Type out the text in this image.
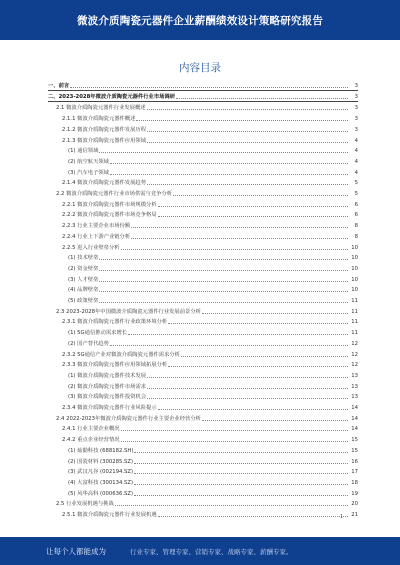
微波介质陶瓷元器件企业薪酬绩效设计策略研究报告
内容目录
一、前言	3
二、2023-2028年微波介质陶瓷元器件行业市场调研	3
2.1 微波介质陶瓷元器件行业发展概述	3
2.1.1 微波介质陶瓷元器件概述	3
2.1.2 微波介质陶瓷元器件发展历程	3
2.1.3 微波介质陶瓷元器件应用领域	4
(1) 通信领域	4
(2) 航空航天领域	4
(3) 汽车电子领域	4
2.1.4 微波介质陶瓷元器件发展趋势	5
2.2 微波介质陶瓷元器件行业市场供需与竞争分析	5
2.2.1 微波介质陶瓷元器件市场规模分析	6
2.2.2 微波介质陶瓷元器件市场竞争格局	6
2.2.3 行业主要企业市场份额	8
2.2.4 行业上下游产业链分析	8
2.2.5 进入行业壁垒分析	10
(1) 技术壁垒	10
(2) 资金壁垒	10
(3) 人才壁垒	10
(4) 品牌壁垒	10
(5) 政策壁垒	11
2.3 2023-2028年中国微波介质陶瓷元器件行业发展前景分析	11
2.3.1 微波介质陶瓷元器件行业政策环境分析	11
(1) 5G通信推动需求增长	11
(2) 国产替代趋势	12
2.3.2 5G通信产业对微波介质陶瓷元器件需求分析	12
2.3.3 微波介质陶瓷元器件应用领域拓展分析	12
(1) 微波介质陶瓷元器件技术发展	13
(2) 微波介质陶瓷元器件市场需求	13
(3) 微波介质陶瓷元器件投资机会	13
2.3.4 微波介质陶瓷元器件行业风险提示	14
2.4 2022-2023年微波介质陶瓷元器件行业主要企业经营分析	14
2.4.1 行业主要企业概况	14
2.4.2 重点企业经营情况	15
(1) 灿勤科技 (688182.SH)	15
(2) 国瓷材料 (300285.SZ)	16
(3) 武汉凡谷 (002194.SZ)	17
(4) 大富科技 (300134.SZ)	18
(5) 风华高科 (000636.SZ)	19
2.5 行业发展机遇与挑战	20
2.5.1 微波介质陶瓷元器件行业发展机遇	21
1
让每个人都能成为	行业专家、管理专家、营销专家、战略专家、薪酬专家。
